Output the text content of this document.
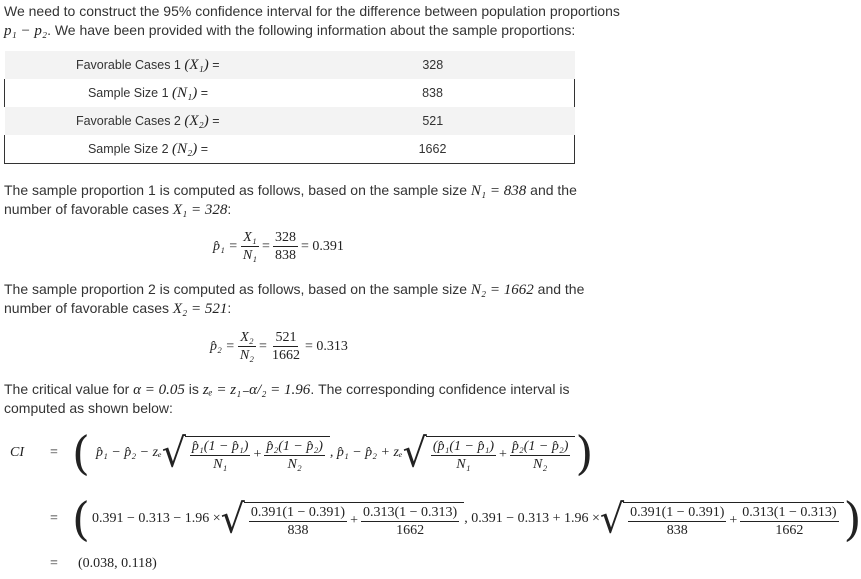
We need to construct the 95% confidence interval for the difference between population proportions
p₁ − p₂. We have been provided with the following information about the sample proportions:
Favorable Cases 1 (X₁) =	328
Sample Size 1 (N₁) =	838
Favorable Cases 2 (X₂) =	521
Sample Size 2 (N₂) =	1662
The sample proportion 1 is computed as follows, based on the sample size N₁ = 838 and the
number of favorable cases X₁ = 328:
p̂₁ = $\frac{\text{X₁}}{\text{N₁}} = \frac{328}{838} = 0.391$
The sample proportion 2 is computed as follows, based on the sample size N₂ = 1662 and the
number of favorable cases X₂ = 521:
p̂₂ = $\frac{\text{X₂}}{\text{N₂}} = \frac{521}{1662} = 0.313$
The critical value for α = 0.05 is zₑ = z₁₋α/₂ = 1.96. The corresponding confidence interval is
computed as shown below:
CI	= ( p̂₁ − p̂₂ − zₑ √ $\frac{\text{p̂₁(1 − p̂₁)}}{\text{N₁}} + \frac{\text{p̂₂(1 − p̂₂)}}{\text{N₂}}$ , p̂₁ − p̂₂ + zₑ √ $\frac{\text{(p̂₁(1 − p̂₁)}}{\text{N₁}} + \frac{\text{p̂₂(1 − p̂₂)}}{\text{N₂}}$ )
= ( 0.391 − 0.313 − 1.96 × √ $\frac{0.391(1 - 0.391)}{838} + \frac{0.313(1 - 0.313)}{1662}$ , 0.391 − 0.313 + 1.96 × √ $\frac{0.391(1 - 0.391)}{838} + \frac{0.313(1 - 0.313)}{1662}$ )
=	(0.038, 0.118)
